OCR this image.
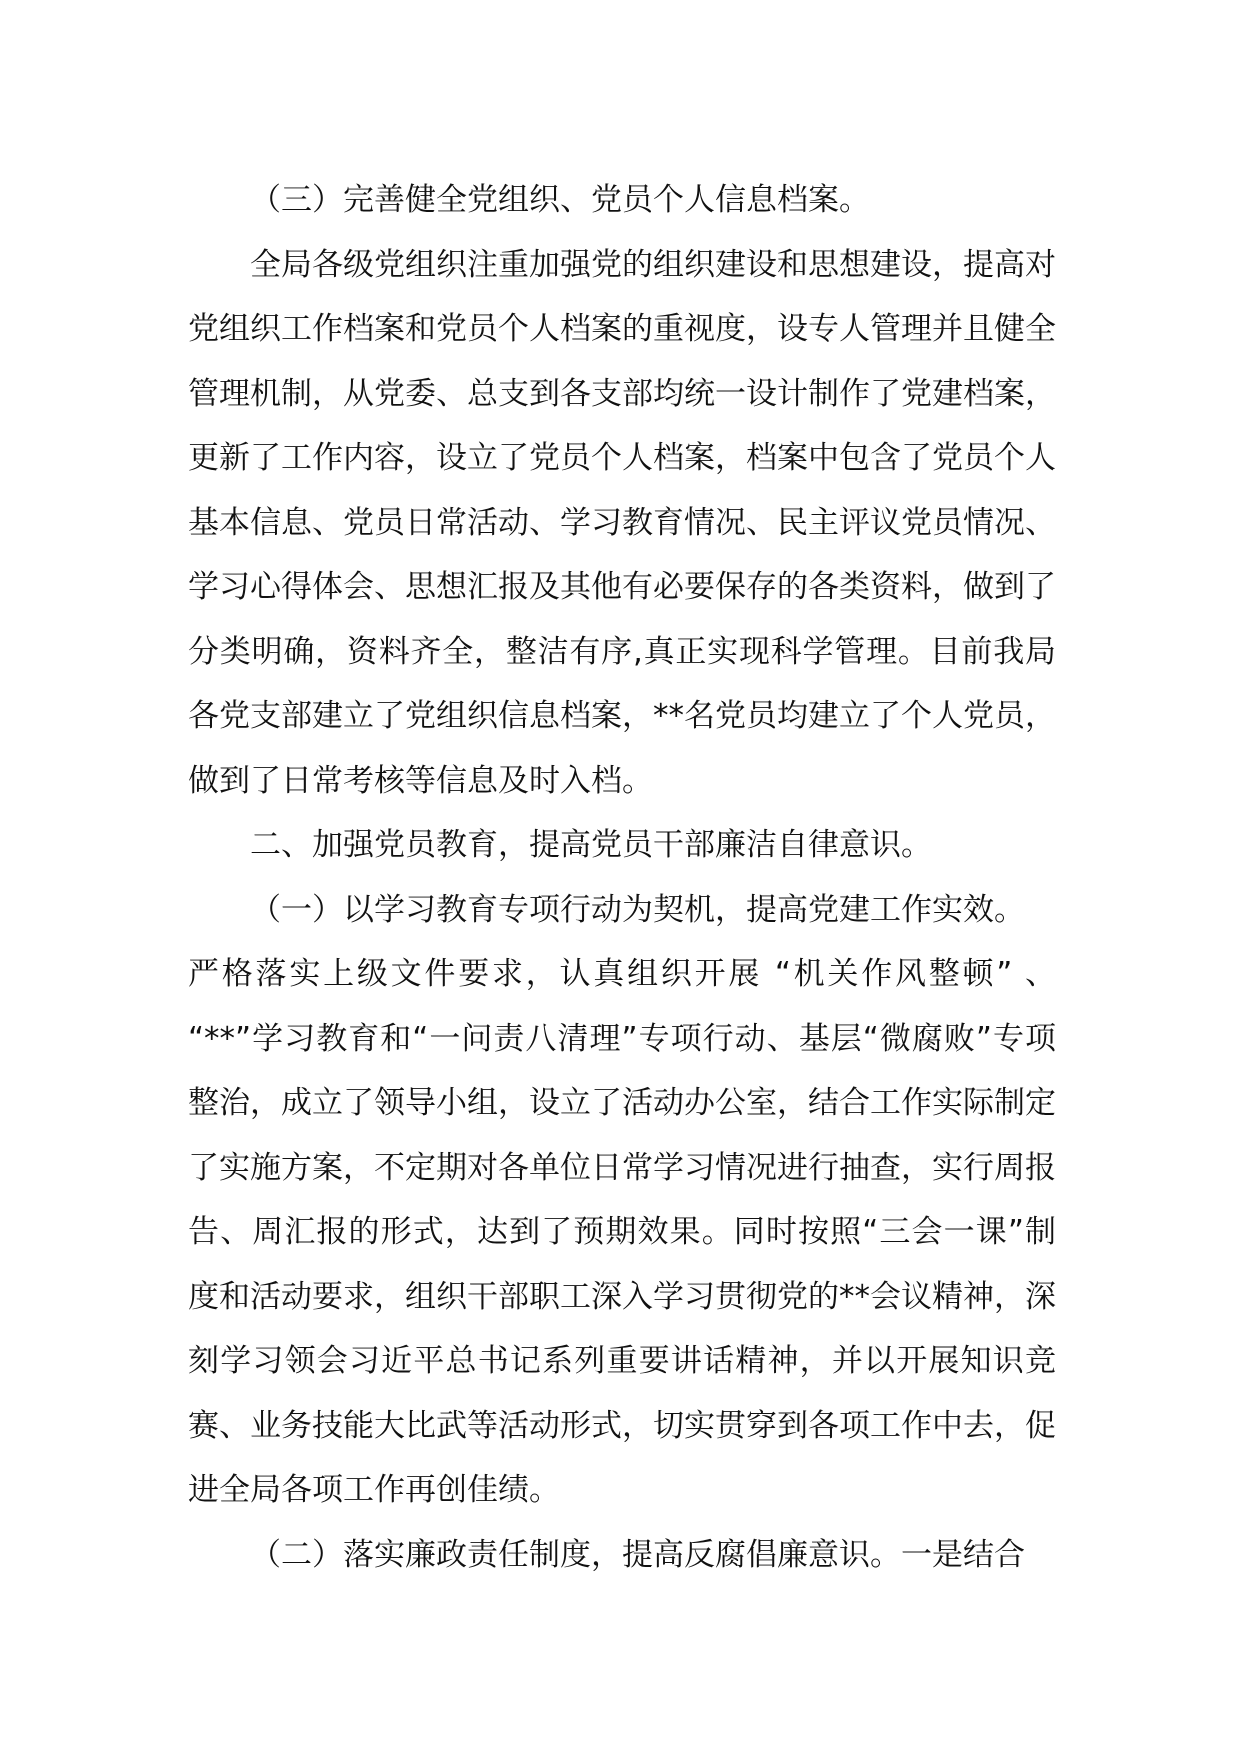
（三）完善健全党组织、党员个人信息档案。

全局各级党组织注重加强党的组织建设和思想建设，提高对党组织工作档案和党员个人档案的重视度，设专人管理并且健全管理机制，从党委、总支到各支部均统一设计制作了党建档案，更新了工作内容，设立了党员个人档案，档案中包含了党员个人基本信息、党员日常活动、学习教育情况、民主评议党员情况、学习心得体会、思想汇报及其他有必要保存的各类资料，做到了分类明确，资料齐全，整洁有序,真正实现科学管理。目前我局各党支部建立了党组织信息档案，**名党员均建立了个人党员，做到了日常考核等信息及时入档。

二、加强党员教育，提高党员干部廉洁自律意识。

（一）以学习教育专项行动为契机，提高党建工作实效。

严格落实上级文件要求，认真组织开展 “机关作风整顿” 、 “**”学习教育和“一问责八清理”专项行动、基层“微腐败”专项整治，成立了领导小组，设立了活动办公室，结合工作实际制定了实施方案，不定期对各单位日常学习情况进行抽查，实行周报告、周汇报的形式，达到了预期效果。同时按照“三会一课”制度和活动要求，组织干部职工深入学习贯彻党的**会议精神，深刻学习领会习近平总书记系列重要讲话精神，并以开展知识竞赛、业务技能大比武等活动形式，切实贯穿到各项工作中去，促进全局各项工作再创佳绩。

（二）落实廉政责任制度，提高反腐倡廉意识。一是结合
